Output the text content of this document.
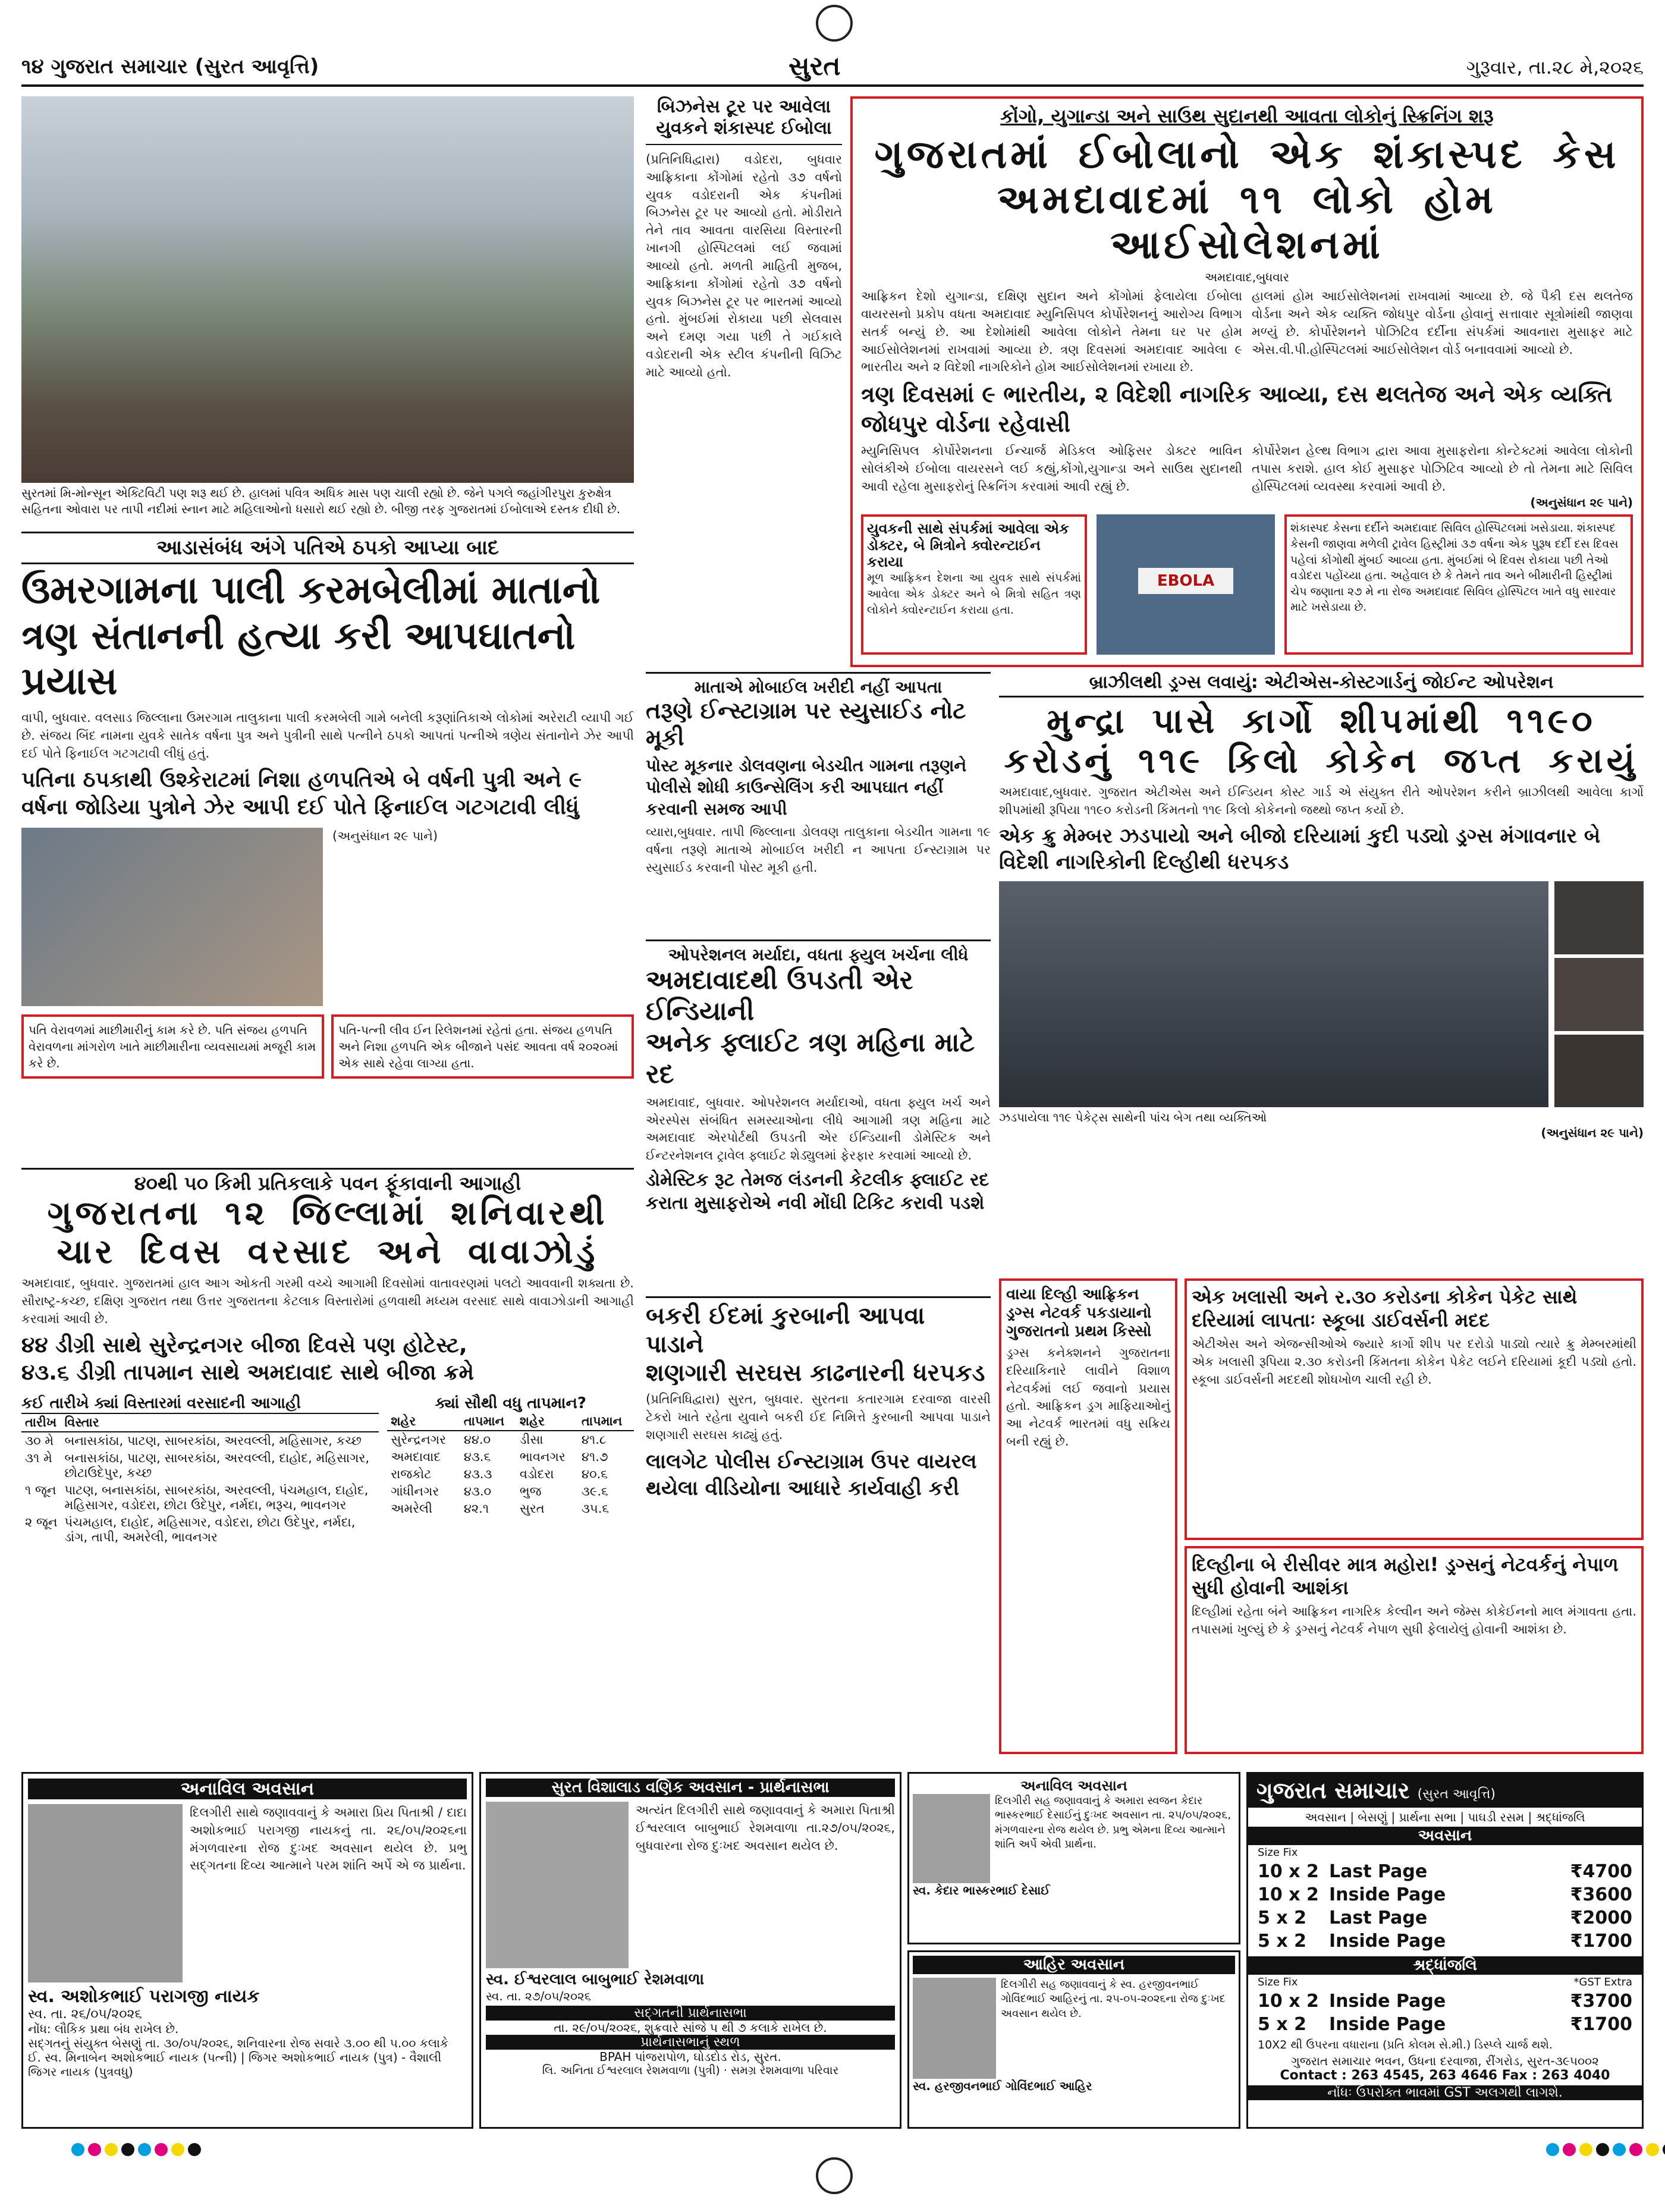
૧૪ ગુજરાત સમાચાર (સુરત આવૃત્તિ)	સુરત	ગુરૂવાર, તા.૨૮ મે,૨૦૨૬
સુરતમાં મિ-મોન્સૂન એક્ટિવિટી પણ શરૂ થઈ છે. હાલમાં પવિત્ર અધિક માસ પણ ચાલી રહ્યો છે. જેને પગલે જહાંગીરપુરા કુરુક્ષેત્ર સહિતના ઓવારા પર તાપી નદીમાં સ્નાન માટે મહિલાઓનો ધસારો થઈ રહ્યો છે. બીજી તરફ ગુજરાતમાં ઈબોલાએ દસ્તક દીધી છે.
બિઝનેસ ટૂર પર આવેલા યુવકને શંકાસ્પદ ઈબોલા
(પ્રતિનિધિદ્વારા) વડોદરા, બુધવાર આફ્રિકાના કોંગોમાં રહેતો ૩૭ વર્ષનો યુવક વડોદરાની એક કંપનીમાં બિઝનેસ ટૂર પર આવ્યો હતો. મોડીરાતે તેને તાવ આવતા વારસિયા વિસ્તારની ખાનગી હોસ્પિટલમાં લઈ જવામાં આવ્યો હતો. મળતી માહિતી મુજબ, આફ્રિકાના કોંગોમાં રહેતો ૩૭ વર્ષનો યુવક બિઝનેસ ટૂર પર ભારતમાં આવ્યો હતો. મુંબઈમાં રોકાયા પછી સેલવાસ અને દમણ ગયા પછી તે ગઈકાલે વડોદરાની એક સ્ટીલ કંપનીની વિઝિટ માટે આવ્યો હતો.
કોંગો, યુગાન્ડા અને સાઉથ સુદાનથી આવતા લોકોનું સ્ક્રિનિંગ શરૂ
ગુજરાતમાં ઈબોલાનો એક શંકાસ્પદ કેસ
અમદાવાદમાં ૧૧ લોકો હોમ આઈસોલેશનમાં
અમદાવાદ,બુધવાર
આફ્રિકન દેશો યુગાન્ડા, દક્ષિણ સુદાન અને કોંગોમાં ફેલાયેલા ઈબોલા વાયરસનો પ્રકોપ વધતા અમદાવાદ મ્યુનિસિપલ કોર્પોરેશનનું આરોગ્ય વિભાગ સતર્ક બન્યું છે. આ દેશોમાંથી આવેલા લોકોને તેમના ઘર પર હોમ આઈસોલેશનમાં રાખવામાં આવ્યા છે. ત્રણ દિવસમાં અમદાવાદ આવેલા ૯ ભારતીય અને ૨ વિદેશી નાગરિકોને હોમ આઈસોલેશનમાં રખાયા છે.
હાલમાં હોમ આઈસોલેશનમાં રાખવામાં આવ્યા છે. જે પૈકી દસ થલતેજ વોર્ડના અને એક વ્યક્તિ જોધપુર વોર્ડના હોવાનું સત્તાવાર સૂત્રોમાંથી જાણવા મળ્યું છે. કોર્પોરેશનને પોઝિટિવ દર્દીના સંપર્કમાં આવનારા મુસાફર માટે એસ.વી.પી.હોસ્પિટલમાં આઈસોલેશન વોર્ડ બનાવવામાં આવ્યો છે.
ત્રણ દિવસમાં ૯ ભારતીય, ૨ વિદેશી નાગરિક આવ્યા, દસ થલતેજ અને એક વ્યક્તિ જોધપુર વોર્ડના રહેવાસી
મ્યુનિસિપલ કોર્પોરેશનના ઈન્ચાર્જ મેડિકલ ઓફિસર ડોક્ટર ભાવિન સોલંકીએ ઈબોલા વાયરસને લઈ કહ્યું,કોંગો,યુગાન્ડા અને સાઉથ સુદાનથી આવી રહેલા મુસાફરોનું સ્ક્રિનિંગ કરવામાં આવી રહ્યું છે.
કોર્પોરેશન હેલ્થ વિભાગ દ્વારા આવા મુસાફરોના કોન્ટેક્ટમાં આવેલા લોકોની તપાસ કરાશે. હાલ કોઈ મુસાફર પોઝિટિવ આવ્યો છે તો તેમના માટે સિવિલ હોસ્પિટલમાં વ્યવસ્થા કરવામાં આવી છે.
(અનુસંધાન ૨૯ પાને)
યુવકની સાથે સંપર્કમાં આવેલા એક ડોક્ટર, બે મિત્રોને ક્વોરન્ટાઈન કરાયા
મૂળ આફ્રિકન દેશના આ યુવક સાથે સંપર્કમાં આવેલા એક ડોક્ટર અને બે મિત્રો સહિત ત્રણ લોકોને ક્વોરન્ટાઈન કરાયા હતા.
EBOLA
શંકાસ્પદ કેસના દર્દીને અમદાવાદ સિવિલ હોસ્પિટલમાં ખસેડાયા. શંકાસ્પદ કેસની જાણવા મળેલી ટ્રાવેલ હિસ્ટ્રીમાં ૩૭ વર્ષના એક પુરૂષ દર્દી દસ દિવસ પહેલાં કોંગોથી મુંબઈ આવ્યા હતા. મુંબઈમાં બે દિવસ રોકાયા પછી તેઓ વડોદરા પહોંચ્યા હતા. અહેવાલ છે કે તેમને તાવ અને બીમારીની હિસ્ટ્રીમાં ચેપ જણાતા ૨૭ મે ના રોજ અમદાવાદ સિવિલ હોસ્પિટલ ખાતે વધુ સારવાર માટે ખસેડાયા છે.
આડાસંબંધ અંગે પતિએ ઠપકો આપ્યા બાદ
ઉમરગામના પાલી કરમબેલીમાં માતાનો
ત્રણ સંતાનની હત્યા કરી આપઘાતનો પ્રયાસ
વાપી, બુધવાર. વલસાડ જિલ્લાના ઉમરગામ તાલુકાના પાલી કરમબેલી ગામે બનેલી કરૂણાંતિકાએ લોકોમાં અરેરાટી વ્યાપી ગઈ છે. સંજય બિંદ નામના યુવકે સાતેક વર્ષના પુત્ર અને પુત્રીની સાથે પત્નીને ઠપકો આપતાં પત્નીએ ત્રણેય સંતાનોને ઝેર આપી દઈ પોતે ફિનાઈલ ગટગટાવી લીધું હતું.
પતિના ઠપકાથી ઉશ્કેરાટમાં નિશા હળપતિએ બે વર્ષની પુત્રી અને ૯ વર્ષના જોડિયા પુત્રોને ઝેર આપી દઈ પોતે ફિનાઈલ ગટગટાવી લીધું
(અનુસંધાન ૨૯ પાને)
પતિ વેરાવળમાં માછીમારીનું કામ કરે છે. પતિ સંજય હળપતિ વેરાવળના માંગરોળ ખાતે માછીમારીના વ્યવસાયમાં મજૂરી કામ કરે છે.
પતિ-પત્ની લીવ ઈન રિલેશનમાં રહેતાં હતા. સંજય હળપતિ અને નિશા હળપતિ એક બીજાને પસંદ આવતા વર્ષ ૨૦૨૦માં એક સાથે રહેવા લાગ્યા હતા.
માતાએ મોબાઈલ ખરીદી નહીં આપતા
તરૂણે ઈન્સ્ટાગ્રામ પર સ્યુસાઈડ નોટ મૂકી
પોસ્ટ મૂકનાર ડોલવણના બેડચીત ગામના તરૂણને પોલીસે શોધી કાઉન્સેલિંગ કરી આપઘાત નહીં કરવાની સમજ આપી
વ્યારા,બુધવાર. તાપી જિલ્લાના ડોલવણ તાલુકાના બેડચીત ગામના ૧૯ વર્ષના તરૂણે માતાએ મોબાઈલ ખરીદી ન આપતા ઈન્સ્ટાગ્રામ પર સ્યુસાઈડ કરવાની પોસ્ટ મૂકી હતી.
ઓપરેશનલ મર્યાદા, વધતા ફ્યુલ ખર્ચના લીધે
અમદાવાદથી ઉપડતી એર ઈન્ડિયાની
અનેક ફ્લાઈટ ત્રણ મહિના માટે રદ
અમદાવાદ, બુધવાર. ઓપરેશનલ મર્યાદાઓ, વધતા ફ્યુલ ખર્ચ અને એરસ્પેસ સંબંધિત સમસ્યાઓના લીધે આગામી ત્રણ મહિના માટે અમદાવાદ એરપોર્ટથી ઉપડતી એર ઈન્ડિયાની ડોમેસ્ટિક અને ઈન્ટરનેશનલ ટ્રાવેલ ફ્લાઈટ શેડ્યુલમાં ફેરફાર કરવામાં આવ્યો છે.
ડોમેસ્ટિક રૂટ તેમજ લંડનની કેટલીક ફ્લાઈટ રદ કરાતા મુસાફરોએ નવી મોંઘી ટિકિટ કરાવી પડશે
બ્રાઝીલથી ડ્રગ્સ લવાયું: એટીએસ-કોસ્ટગાર્ડનું જોઈન્ટ ઓપરેશન
મુન્દ્રા પાસે કાર્ગો શીપમાંથી ૧૧૯૦
કરોડનું ૧૧૯ કિલો કોકેન જપ્ત કરાયું
અમદાવાદ,બુધવાર. ગુજરાત એટીએસ અને ઈન્ડિયન કોસ્ટ ગાર્ડ એ સંયુક્ત રીતે ઓપરેશન કરીને બ્રાઝીલથી આવેલા કાર્ગો શીપમાંથી રૂપિયા ૧૧૯૦ કરોડની કિંમતનો ૧૧૯ કિલો કોકેનનો જથ્થો જપ્ત કર્યો છે.
એક ક્રુ મેમ્બર ઝડપાયો અને બીજો દરિયામાં કુદી પડ્યો ડ્રગ્સ મંગાવનાર બે વિદેશી નાગરિકોની દિલ્હીથી ધરપકડ
ઝડપાયેલા ૧૧૯ પેકેટ્સ સાથેની પાંચ બેગ તથા વ્યક્તિઓ
(અનુસંધાન ૨૯ પાને)
૪૦થી ૫૦ કિમી પ્રતિકલાકે પવન ફૂંકાવાની આગાહી
ગુજરાતના ૧૨ જિલ્લામાં શનિવારથી
ચાર દિવસ વરસાદ અને વાવાઝોડું
અમદાવાદ, બુધવાર. ગુજરાતમાં હાલ આગ ઓકતી ગરમી વચ્ચે આગામી દિવસોમાં વાતાવરણમાં પલટો આવવાની શક્યતા છે. સૌરાષ્ટ્ર-કચ્છ, દક્ષિણ ગુજરાત તથા ઉત્તર ગુજરાતના કેટલાક વિસ્તારોમાં હળવાથી મધ્યમ વરસાદ સાથે વાવાઝોડાની આગાહી કરવામાં આવી છે.
૪૪ ડીગ્રી સાથે સુરેન્દ્રનગર બીજા દિવસે પણ હોટેસ્ટ,
૪૩.૬ ડીગ્રી તાપમાન સાથે અમદાવાદ સાથે બીજા ક્રમે
કઈ તારીખે ક્યાં વિસ્તારમાં વરસાદની આગાહી
તારીખ	વિસ્તાર
૩૦ મે	બનાસકાંઠા, પાટણ, સાબરકાંઠા, અરવલ્લી, મહિસાગર, કચ્છ
૩૧ મે	બનાસકાંઠા, પાટણ, સાબરકાંઠા, અરવલ્લી, દાહોદ, મહિસાગર, છોટાઉદેપુર, કચ્છ
૧ જૂન	પાટણ, બનાસકાંઠા, સાબરકાંઠા, અરવલ્લી, પંચમહાલ, દાહોદ, મહિસાગર, વડોદરા, છોટા ઉદેપુર, નર્મદા, ભરૂચ, ભાવનગર
૨ જૂન	પંચમહાલ, દાહોદ, મહિસાગર, વડોદરા, છોટા ઉદેપુર, નર્મદા, ડાંગ, તાપી, અમરેલી, ભાવનગર
ક્યાં સૌથી વધુ તાપમાન?
શહેર	તાપમાન	શહેર	તાપમાન
સુરેન્દ્રનગર	૪૪.૦	ડીસા	૪૧.૮
અમદાવાદ	૪૩.૬	ભાવનગર	૪૧.૭
રાજકોટ	૪૩.૩	વડોદરા	૪૦.૬
ગાંધીનગર	૪૩.૦	ભુજ	૩૯.૬
અમરેલી	૪૨.૧	સુરત	૩૫.૬
બકરી ઈદમાં કુરબાની આપવા પાડાને
શણગારી સરઘસ કાઢનારની ધરપકડ
(પ્રતિનિધિદ્વારા) સુરત, બુધવાર. સુરતના કતારગામ દરવાજા વારસી ટેકરો ખાતે રહેતા યુવાને બકરી ઈદ નિમિત્તે કુરબાની આપવા પાડાને શણગારી સરઘસ કાઢ્યું હતું.
લાલગેટ પોલીસ ઈન્સ્ટાગ્રામ ઉપર વાયરલ થયેલા વીડિયોના આધારે કાર્યવાહી કરી
વાયા દિલ્હી આફ્રિકન ડ્રગ્સ નેટવર્ક પકડાયાનો ગુજરાતનો પ્રથમ કિસ્સો
ડ્રગ્સ કનેક્શનને ગુજરાતના દરિયાકિનારે લાવીને વિશાળ નેટવર્કમાં લઈ જવાનો પ્રયાસ હતો. આફ્રિકન ડ્રગ માફિયાઓનું આ નેટવર્ક ભારતમાં વધુ સક્રિય બની રહ્યું છે.
એક ખલાસી અને ર.૩૦ કરોડના કોકેન પેકેટ સાથે
દરિયામાં લાપતાઃ સ્કૂબા ડાઈવર્સની મદદ
એટીએસ અને એજન્સીઓએ જ્યારે કાર્ગો શીપ પર દરોડો પાડ્યો ત્યારે ક્રુ મેમ્બરમાંથી એક ખલાસી રૂપિયા ૨.૩૦ કરોડની કિંમતના કોકેન પેકેટ લઈને દરિયામાં કૂદી પડ્યો હતો. સ્કૂબા ડાઈવર્સની મદદથી શોધખોળ ચાલી રહી છે.
દિલ્હીના બે રીસીવર માત્ર મહોરા! ડ્રગ્સનું નેટવર્કનું નેપાળ સુધી હોવાની આશંકા
દિલ્હીમાં રહેતા બંને આફ્રિકન નાગરિક કેલ્વીન અને જેમ્સ કોકેઈનનો માલ મંગાવતા હતા. તપાસમાં ખુલ્યું છે કે ડ્રગ્સનું નેટવર્ક નેપાળ સુધી ફેલાયેલું હોવાની આશંકા છે.
અનાવિલ અવસાન
દિલગીરી સાથે જણાવવાનું કે અમારા પ્રિય પિતાશ્રી / દાદા અશોકભાઈ પરાગજી નાયકનું તા. ૨૬/૦૫/૨૦૨૬ના મંગળવારના રોજ દુઃખદ અવસાન થયેલ છે. પ્રભુ સદ્ગતના દિવ્ય આત્માને પરમ શાંતિ અર્પે એ જ પ્રાર્થના.
સ્વ. અશોકભાઈ પરાગજી નાયક
સ્વ. તા. ૨૬/૦૫/૨૦૨૬
નોંધ: લૌકિક પ્રથા બંધ રાખેલ છે.
સદ્ગતનું સંયુક્ત બેસણું તા. ૩૦/૦૫/૨૦૨૬, શનિવારના રોજ સવારે ૩.૦૦ થી ૫.૦૦ કલાકે
ઈ. સ્વ. મિનાબેન અશોકભાઈ નાયક (પત્ની) | જિગર અશોકભાઈ નાયક (પુત્ર) - વૈશાલી જિગર નાયક (પુત્રવધુ)
સુરત વિશાલાડ વણિક અવસાન - પ્રાર્થનાસભા
અત્યંત દિલગીરી સાથે જણાવવાનું કે અમારા પિતાશ્રી ઈશ્વરલાલ બાબુભાઈ રેશમવાળા તા.૨૭/૦૫/૨૦૨૬, બુધવારના રોજ દુઃખદ અવસાન થયેલ છે.
સ્વ. ઈશ્વરલાલ બાબુભાઈ રેશમવાળા
સ્વ. તા. ૨૭/૦૫/૨૦૨૬
સદ્ગતની પ્રાર્થનાસભા
તા. ૨૯/૦૫/૨૦૨૬, શુક્રવારે સાંજે ૫ થી ૭ કલાકે રાખેલ છે.
પ્રાર્થનાસભાનું સ્થળ
BPAH પાંજરાપોળ, ઘોડદોડ રોડ, સુરત.
લિ. અનિતા ઈશ્વરલાલ રેશમવાળા (પુત્રી) · સમગ્ર રેશમવાળા પરિવાર
અનાવિલ અવસાન
દિલગીરી સહ જણાવવાનું કે અમારા સ્વજન કેદાર ભાસ્કરભાઈ દેસાઈનું દુઃખદ અવસાન તા. ૨૫/૦૫/૨૦૨૬, મંગળવારના રોજ થયેલ છે. પ્રભુ એમના દિવ્ય આત્માને શાંતિ અર્પે એવી પ્રાર્થના.
સ્વ. કેદાર ભાસ્કરભાઈ દેસાઈ
આહિર અવસાન
દિલગીરી સહ જણાવવાનું કે સ્વ. હરજીવનભાઈ ગોવિંદભાઈ આહિરનું તા. ૨૫-૦૫-૨૦૨૬ના રોજ દુઃખદ અવસાન થયેલ છે.
સ્વ. હરજીવનભાઈ ગોવિંદભાઈ આહિર
ગુજરાત સમાચાર (સુરત આવૃત્તિ)
અવસાન | બેસણું | પ્રાર્થના સભા | પાઘડી રસમ | શ્રદ્ધાંજલિ
અવસાન
Size Fix
10 x 2 Last Page	₹4700
10 x 2 Inside Page	₹3600
5 x 2	Last Page	₹2000
5 x 2	Inside Page	₹1700
શ્રદ્ધાંજલિ
Size Fix	*GST Extra
10 x 2 Inside Page	₹3700
5 x 2	Inside Page	₹1700
10X2 થી ઉપરના વધારાના (પ્રતિ કોલમ સે.મી.) ડિસ્પ્લે ચાર્જ થશે.
ગુજરાત સમાચાર ભવન, ઉધના દરવાજા, રીંગરોડ, સુરત-૩૯૫૦૦૨
Contact : 263 4545, 263 4646 Fax : 263 4040
નોંધઃ ઉપરોક્ત ભાવમાં GST અલગથી લાગશે.
